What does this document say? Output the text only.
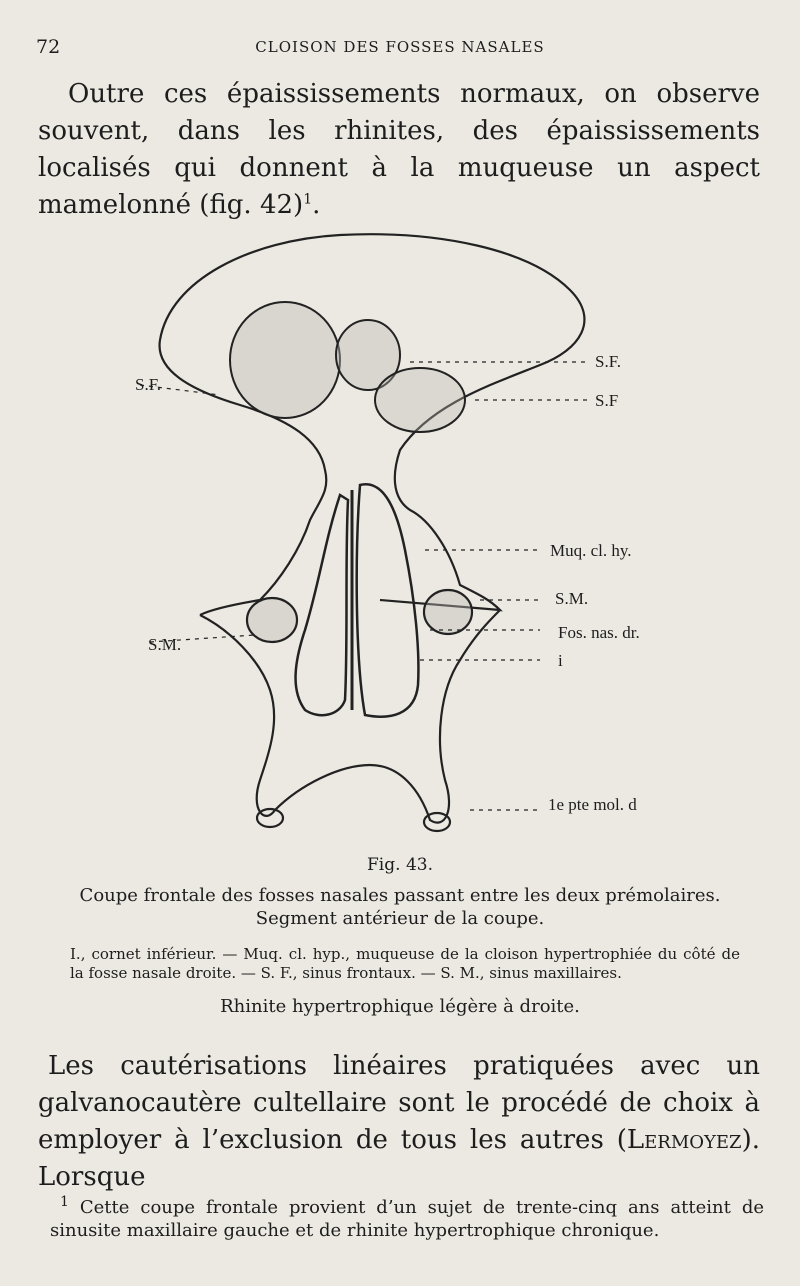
72	CLOISON DES FOSSES NASALES
Outre ces épaississements normaux, on observe souvent, dans les rhinites, des épaississements localisés qui donnent à la muqueuse un aspect mamelonné (fig. 42)$^1$.
S.F.
S.F
S.F.
Muq. cl. hy.
S.M.
Fos. nas. dr.
i
S.M.
1e pte mol. d
Fig. 43.
Coupe frontale des fosses nasales passant entre les deux prémolaires.
Segment antérieur de la coupe.
I., cornet inférieur. — Muq. cl. hyp., muqueuse de la cloison hypertrophiée du côté de la fosse nasale droite. — S. F., sinus frontaux. — S. M., sinus maxillaires.
Rhinite hypertrophique légère à droite.
Les cautérisations linéaires pratiquées avec un galvanocautère cultellaire sont le procédé de choix à employer à l’exclusion de tous les autres (Lermoyez). Lorsque
$^1$ Cette coupe frontale provient d’un sujet de trente-cinq ans atteint de sinusite maxillaire gauche et de rhinite hypertrophique chronique.
